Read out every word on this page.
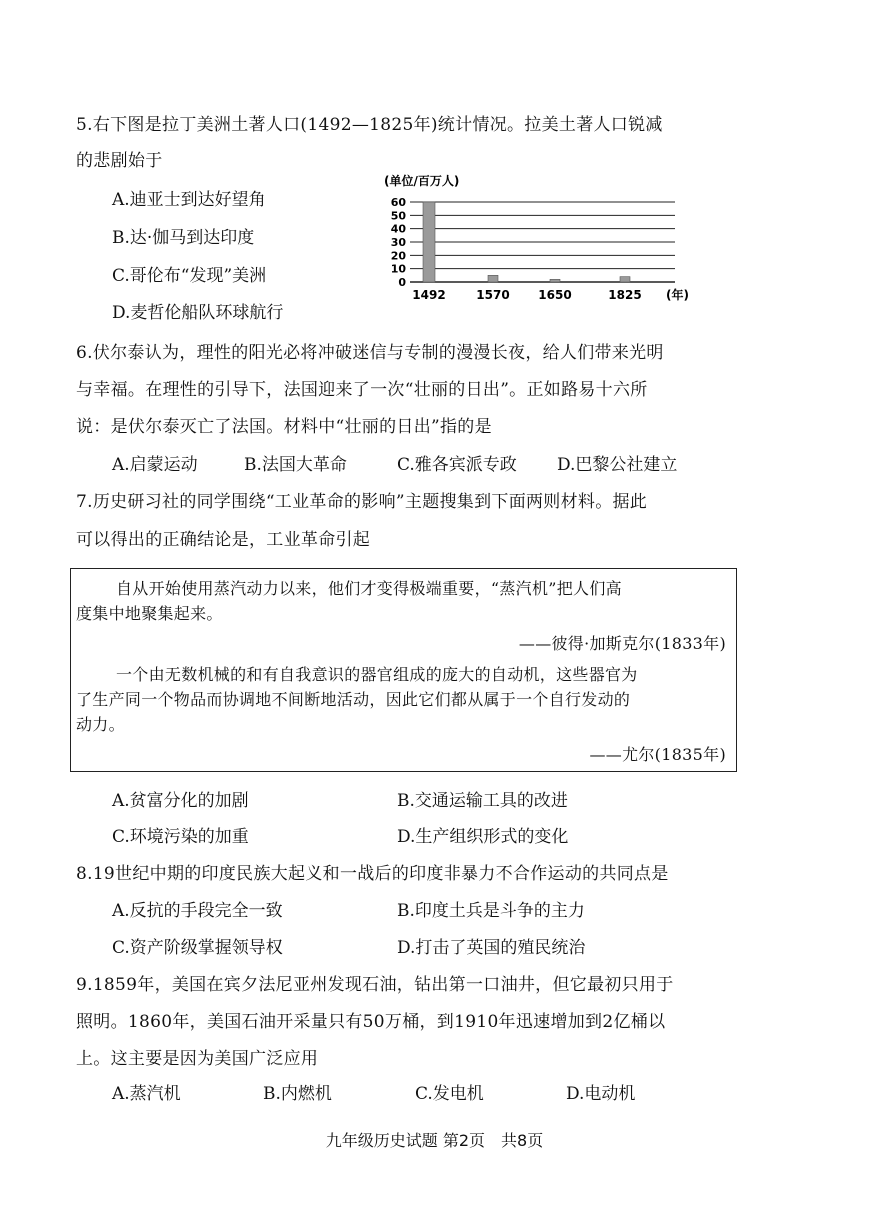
5.右下图是拉丁美洲土著人口(1492—1825年)统计情况。拉美土著人口锐减
的悲剧始于
A.迪亚士到达好望角
B.达·伽马到达印度
C.哥伦布“发现”美洲
D.麦哲伦船队环球航行
(单位/百万人)
0
10
20
30
40
50
60
1492	1570 1650	1825 (年)
6.伏尔泰认为，理性的阳光必将冲破迷信与专制的漫漫长夜，给人们带来光明
与幸福。在理性的引导下，法国迎来了一次“壮丽的日出”。正如路易十六所
说：是伏尔泰灭亡了法国。材料中“壮丽的日出”指的是
A.启蒙运动	B.法国大革命	C.雅各宾派专政 D.巴黎公社建立
7.历史研习社的同学围绕“工业革命的影响”主题搜集到下面两则材料。据此
可以得出的正确结论是，工业革命引起
自从开始使用蒸汽动力以来，他们才变得极端重要，“蒸汽机”把人们高
度集中地聚集起来。
——彼得·加斯克尔(1833年)
一个由无数机械的和有自我意识的器官组成的庞大的自动机，这些器官为
了生产同一个物品而协调地不间断地活动，因此它们都从属于一个自行发动的
动力。
——尤尔(1835年)
A.贫富分化的加剧	B.交通运输工具的改进
C.环境污染的加重	D.生产组织形式的变化
8.19世纪中期的印度民族大起义和一战后的印度非暴力不合作运动的共同点是
A.反抗的手段完全一致	B.印度土兵是斗争的主力
C.资产阶级掌握领导权	D.打击了英国的殖民统治
9.1859年，美国在宾夕法尼亚州发现石油，钻出第一口油井，但它最初只用于
照明。1860年，美国石油开采量只有50万桶，到1910年迅速增加到2亿桶以
上。这主要是因为美国广泛应用
A.蒸汽机	B.内燃机	C.发电机	D.电动机
九年级历史试题 第2页　共8页
